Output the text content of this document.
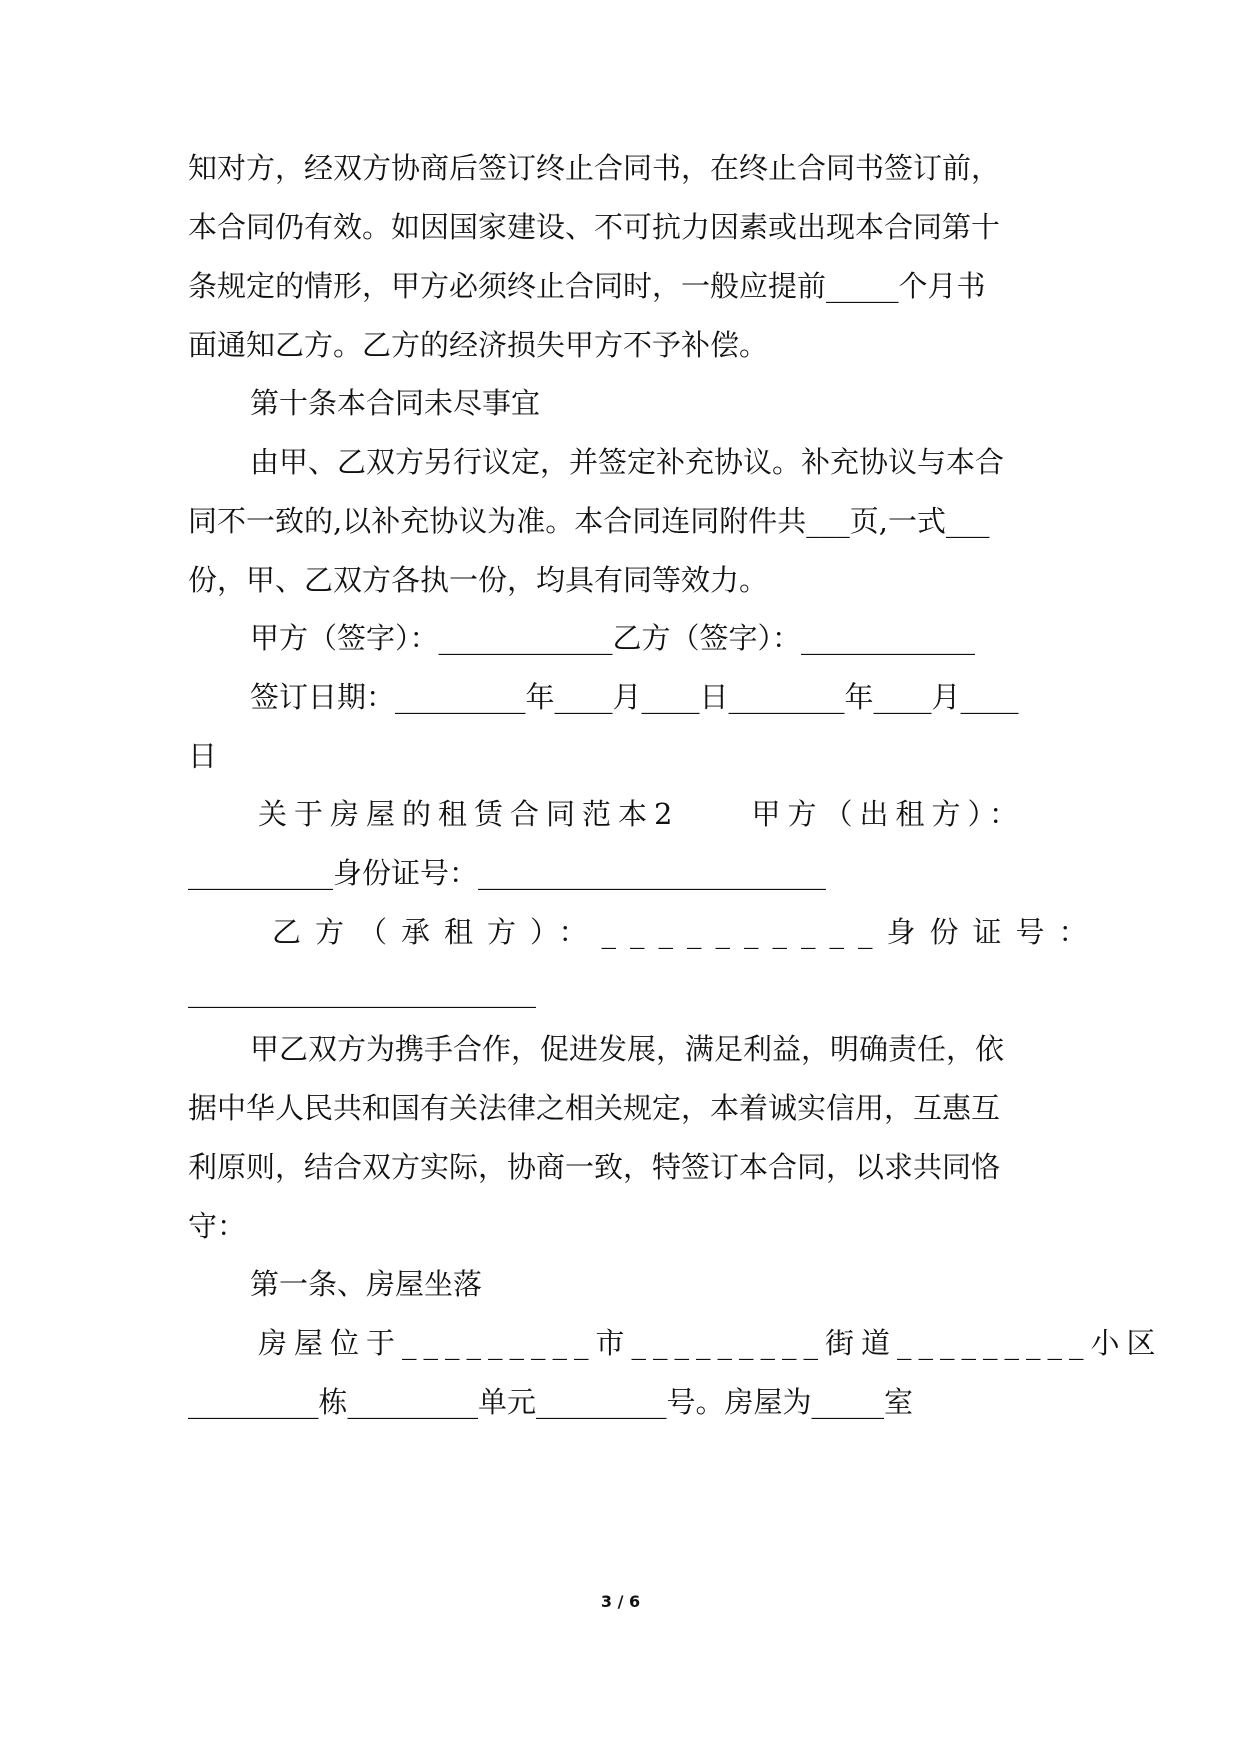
知对方，经双方协商后签订终止合同书，在终止合同书签订前，
本合同仍有效。如因国家建设、不可抗力因素或出现本合同第十
条规定的情形，甲方必须终止合同时，一般应提前_____个月书
面通知乙方。乙方的经济损失甲方不予补偿。
第十条本合同未尽事宜
由甲、乙双方另行议定，并签定补充协议。补充协议与本合
同不一致的,以补充协议为准。本合同连同附件共___页,一式___
份，甲、乙双方各执一份，均具有同等效力。
甲方（签字）：____________乙方（签字）：____________
签订日期：_________年____月____日________年____月____
日
关于房屋的租赁合同范本2　　甲方（出租方）：
__________身份证号：________________________
乙方（承租方）：__________身份证号：
________________________
甲乙双方为携手合作，促进发展，满足利益，明确责任，依
据中华人民共和国有关法律之相关规定，本着诚实信用，互惠互
利原则，结合双方实际，协商一致，特签订本合同，以求共同恪
守：
第一条、房屋坐落
房屋位于_________市_________街道_________小区
_________栋_________单元_________号。房屋为_____室
3 / 6
